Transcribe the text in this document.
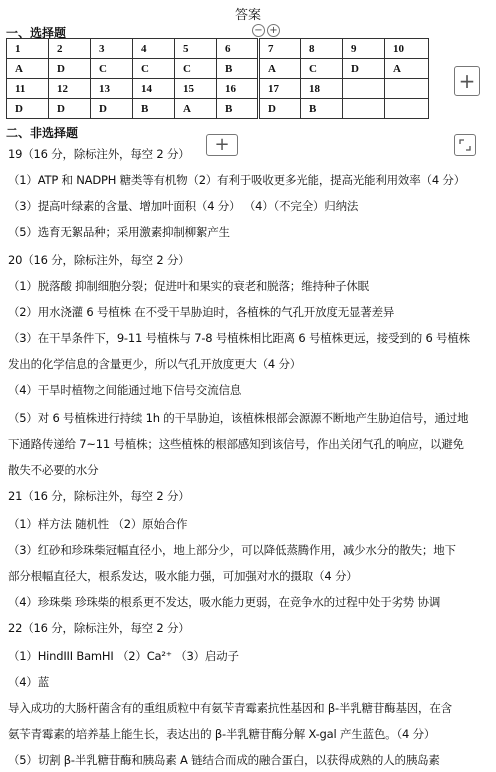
答案
− +
一、选择题
1	2	3	4	5	6	7	8	9	10
A	D	C	C	C	B	A	C	D	A
11	12	13	14	15	16	17	18		
D	D	D	B	A	B	D	B		
+
二、非选择题
+
19（16 分，除标注外，每空 2 分）
（1）ATP 和 NADPH 糖类等有机物（2）有利于吸收更多光能，提高光能利用效率（4 分）
（3）提高叶绿素的含量、增加叶面积（4 分） （4）（不完全）归纳法
（5）选育无絮品种；采用激素抑制柳絮产生
20（16 分，除标注外，每空 2 分）
（1）脱落酸 抑制细胞分裂；促进叶和果实的衰老和脱落；维持种子休眠
（2）用水浇灌 6 号植株 在不受干旱胁迫时，各植株的气孔开放度无显著差异
（3）在干旱条件下，9-11 号植株与 7-8 号植株相比距离 6 号植株更远，接受到的 6 号植株
发出的化学信息的含量更少，所以气孔开放度更大（4 分）
（4）干旱时植物之间能通过地下信号交流信息
（5）对 6 号植株进行持续 1h 的干旱胁迫，该植株根部会源源不断地产生胁迫信号，通过地
下通路传递给 7~11 号植株；这些植株的根部感知到该信号，作出关闭气孔的响应，以避免
散失不必要的水分
21（16 分，除标注外，每空 2 分）
（1）样方法 随机性 （2）原始合作
（3）红砂和珍珠柴冠幅直径小，地上部分少，可以降低蒸腾作用，减少水分的散失；地下
部分根幅直径大，根系发达，吸水能力强，可加强对水的摄取（4 分）
（4）珍珠柴 珍珠柴的根系更不发达，吸水能力更弱，在竞争水的过程中处于劣势 协调
22（16 分，除标注外，每空 2 分）
（1）HindIII BamHI （2）Ca²⁺ （3）启动子
（4）蓝
导入成功的大肠杆菌含有的重组质粒中有氨苄青霉素抗性基因和 β-半乳糖苷酶基因，在含
氨苄青霉素的培养基上能生长，表达出的 β-半乳糖苷酶分解 X-gal 产生蓝色。（4 分）
（5）切割 β-半乳糖苷酶和胰岛素 A 链结合而成的融合蛋白，以获得成熟的人的胰岛素
